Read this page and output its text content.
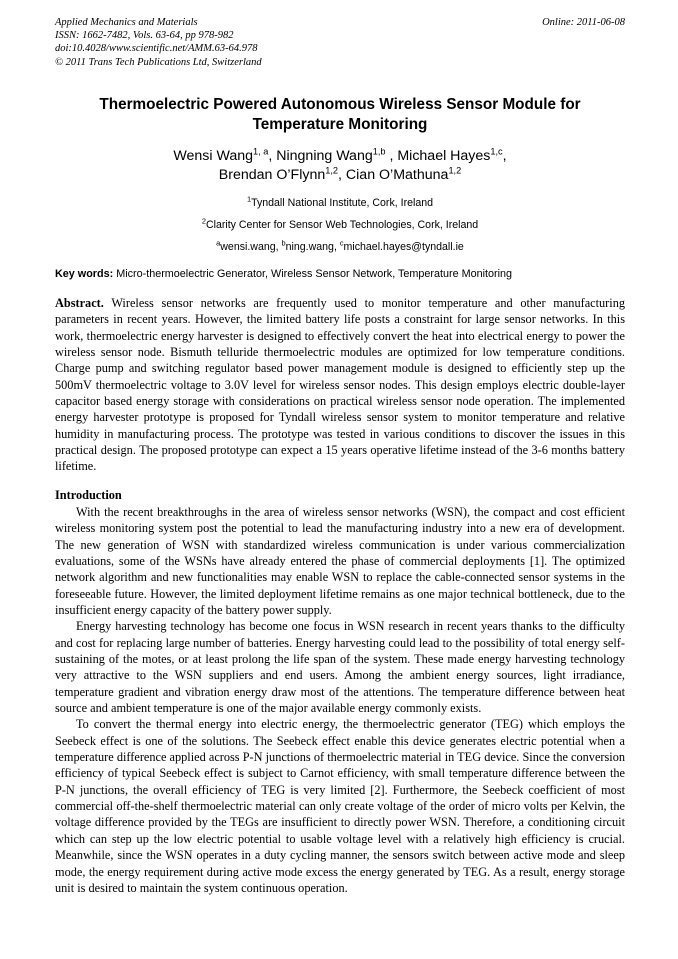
Applied Mechanics and Materials
ISSN: 1662-7482, Vols. 63-64, pp 978-982
doi:10.4028/www.scientific.net/AMM.63-64.978
© 2011 Trans Tech Publications Ltd, Switzerland
Online: 2011-06-08
Thermoelectric Powered Autonomous Wireless Sensor Module for Temperature Monitoring
Wensi Wang$^{1, a}$, Ningning Wang$^{1,b}$ , Michael Hayes$^{1,c}$,
Brendan O’Flynn$^{1,2}$, Cian O’Mathuna$^{1,2}$
$^1$Tyndall National Institute, Cork, Ireland
$^2$Clarity Center for Sensor Web Technologies, Cork, Ireland
$^a$wensi.wang, $^b$ning.wang, $^c$michael.hayes@tyndall.ie
Key words: Micro-thermoelectric Generator, Wireless Sensor Network, Temperature Monitoring

Abstract. Wireless sensor networks are frequently used to monitor temperature and other manufacturing parameters in recent years. However, the limited battery life posts a constraint for large sensor networks. In this work, thermoelectric energy harvester is designed to effectively convert the heat into electrical energy to power the wireless sensor node. Bismuth telluride thermoelectric modules are optimized for low temperature conditions. Charge pump and switching regulator based power management module is designed to efficiently step up the 500mV thermoelectric voltage to 3.0V level for wireless sensor nodes. This design employs electric double-layer capacitor based energy storage with considerations on practical wireless sensor node operation. The implemented energy harvester prototype is proposed for Tyndall wireless sensor system to monitor temperature and relative humidity in manufacturing process. The prototype was tested in various conditions to discover the issues in this practical design. The proposed prototype can expect a 15 years operative lifetime instead of the 3-6 months battery lifetime.

Introduction

With the recent breakthroughs in the area of wireless sensor networks (WSN), the compact and cost efficient wireless monitoring system post the potential to lead the manufacturing industry into a new era of development. The new generation of WSN with standardized wireless communication is under various commercialization evaluations, some of the WSNs have already entered the phase of commercial deployments [1]. The optimized network algorithm and new functionalities may enable WSN to replace the cable-connected sensor systems in the foreseeable future. However, the limited deployment lifetime remains as one major technical bottleneck, due to the insufficient energy capacity of the battery power supply.

Energy harvesting technology has become one focus in WSN research in recent years thanks to the difficulty and cost for replacing large number of batteries. Energy harvesting could lead to the possibility of total energy self-sustaining of the motes, or at least prolong the life span of the system. These made energy harvesting technology very attractive to the WSN suppliers and end users. Among the ambient energy sources, light irradiance, temperature gradient and vibration energy draw most of the attentions. The temperature difference between heat source and ambient temperature is one of the major available energy commonly exists.

To convert the thermal energy into electric energy, the thermoelectric generator (TEG) which employs the Seebeck effect is one of the solutions. The Seebeck effect enable this device generates electric potential when a temperature difference applied across P-N junctions of thermoelectric material in TEG device. Since the conversion efficiency of typical Seebeck effect is subject to Carnot efficiency, with small temperature difference between the P-N junctions, the overall efficiency of TEG is very limited [2]. Furthermore, the Seebeck coefficient of most commercial off-the-shelf thermoelectric material can only create voltage of the order of micro volts per Kelvin, the voltage difference provided by the TEGs are insufficient to directly power WSN. Therefore, a conditioning circuit which can step up the low electric potential to usable voltage level with a relatively high efficiency is crucial. Meanwhile, since the WSN operates in a duty cycling manner, the sensors switch between active mode and sleep mode, the energy requirement during active mode excess the energy generated by TEG. As a result, energy storage unit is desired to maintain the system continuous operation.
